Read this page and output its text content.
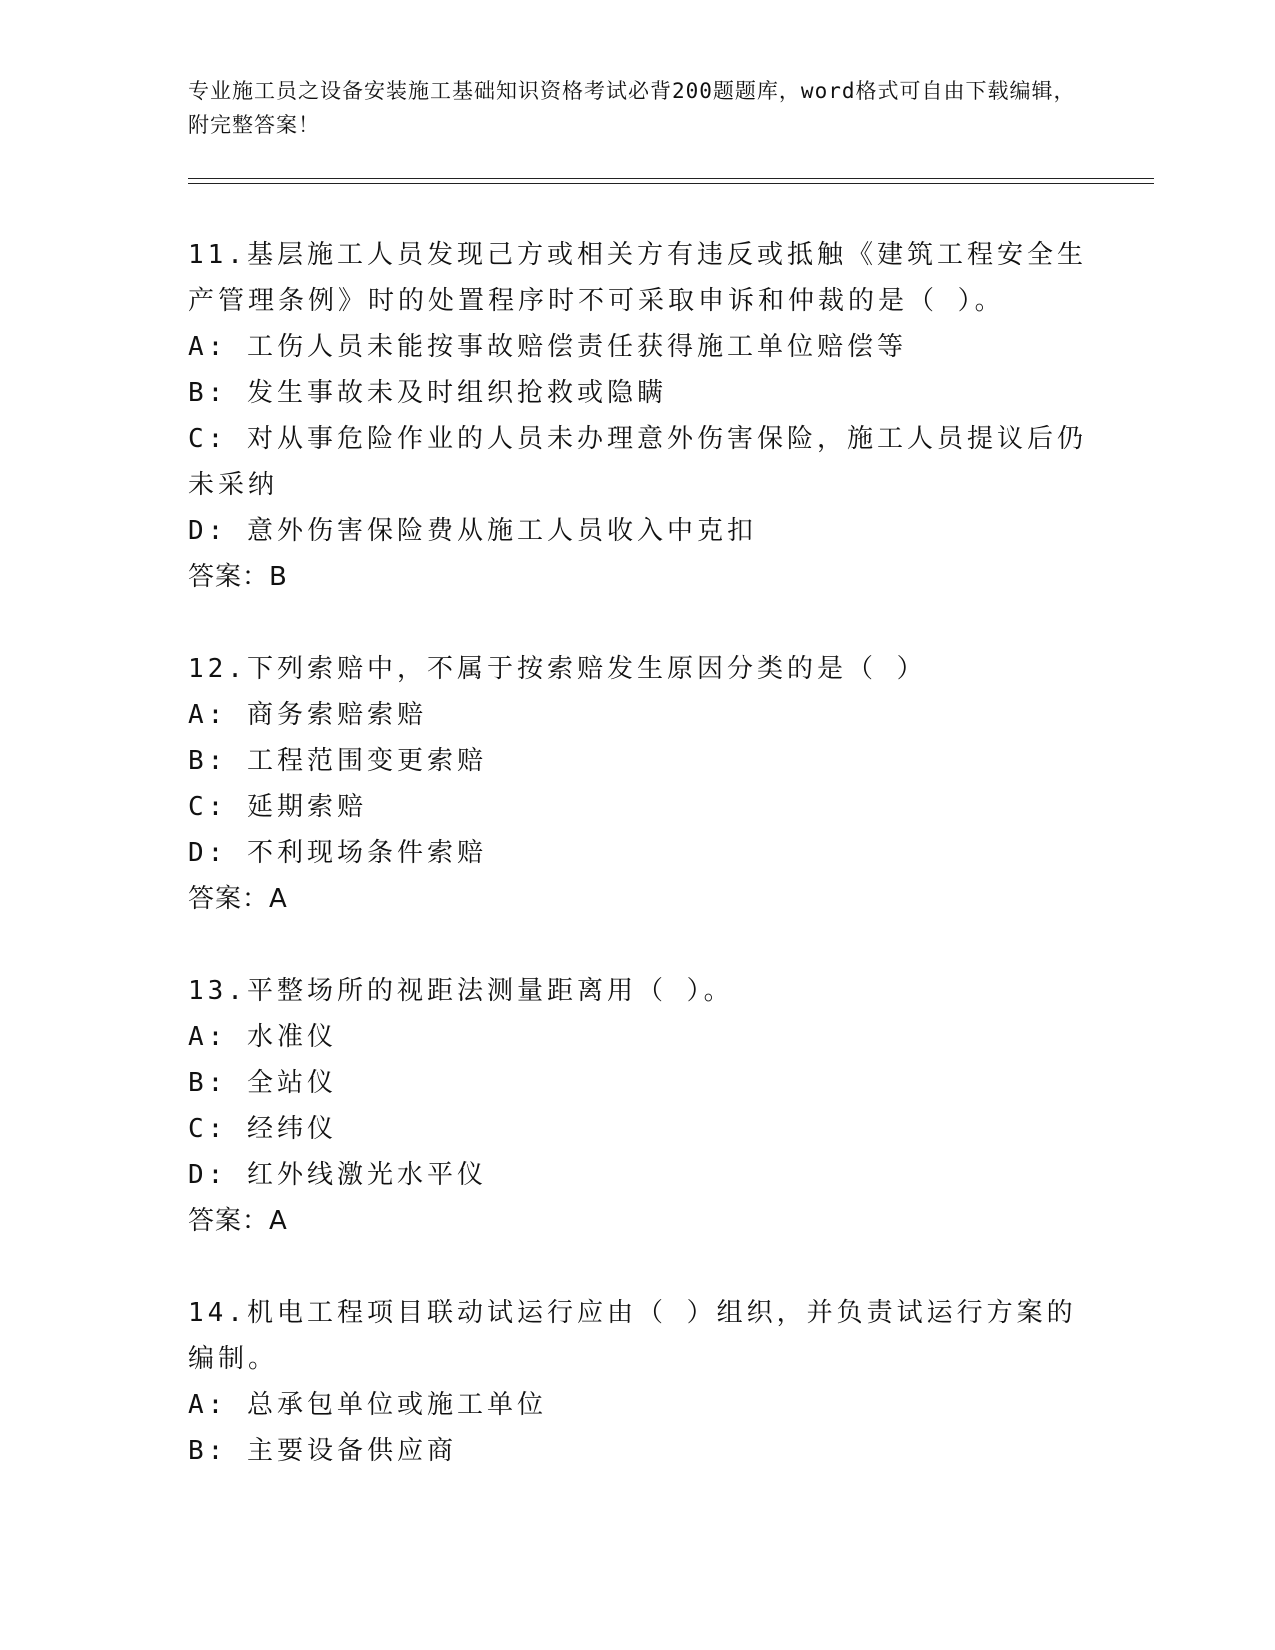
专业施工员之设备安装施工基础知识资格考试必背200题题库，word格式可自由下载编辑，附完整答案！
11.基层施工人员发现己方或相关方有违反或抵触《建筑工程安全生产管理条例》时的处置程序时不可采取申诉和仲裁的是（ ）。
A: 工伤人员未能按事故赔偿责任获得施工单位赔偿等
B: 发生事故未及时组织抢救或隐瞒
C: 对从事危险作业的人员未办理意外伤害保险，施工人员提议后仍未采纳
D: 意外伤害保险费从施工人员收入中克扣
答案：B
12.下列索赔中，不属于按索赔发生原因分类的是（ ）
A: 商务索赔索赔
B: 工程范围变更索赔
C: 延期索赔
D: 不利现场条件索赔
答案：A
13.平整场所的视距法测量距离用（ ）。
A: 水准仪
B: 全站仪
C: 经纬仪
D: 红外线激光水平仪
答案：A
14.机电工程项目联动试运行应由（ ）组织，并负责试运行方案的编制。
A: 总承包单位或施工单位
B: 主要设备供应商
